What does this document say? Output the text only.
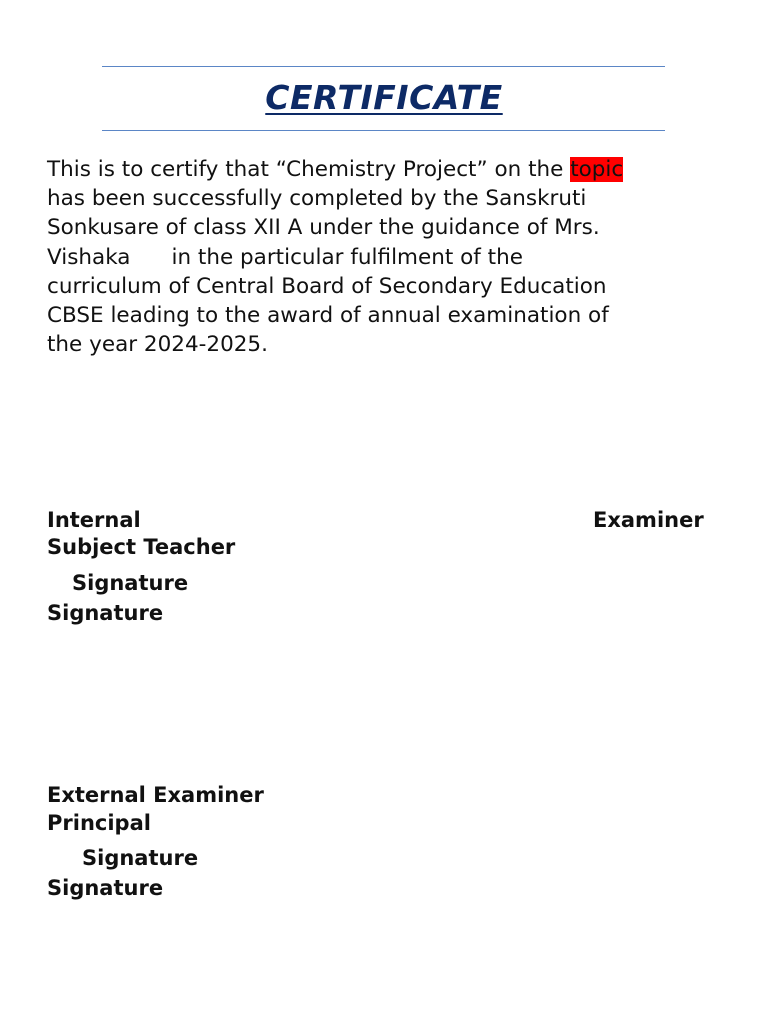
CERTIFICATE
This is to certify that “Chemistry Project” on the topic
has been successfully completed by the Sanskruti
Sonkusare of class XII A under the guidance of Mrs.
Vishaka      in the particular fulfilment of the
curriculum of Central Board of Secondary Education
CBSE leading to the award of annual examination of
the year 2024-2025.
Internal	Examiner
Subject Teacher
Signature
Signature
External Examiner
Principal
Signature
Signature
